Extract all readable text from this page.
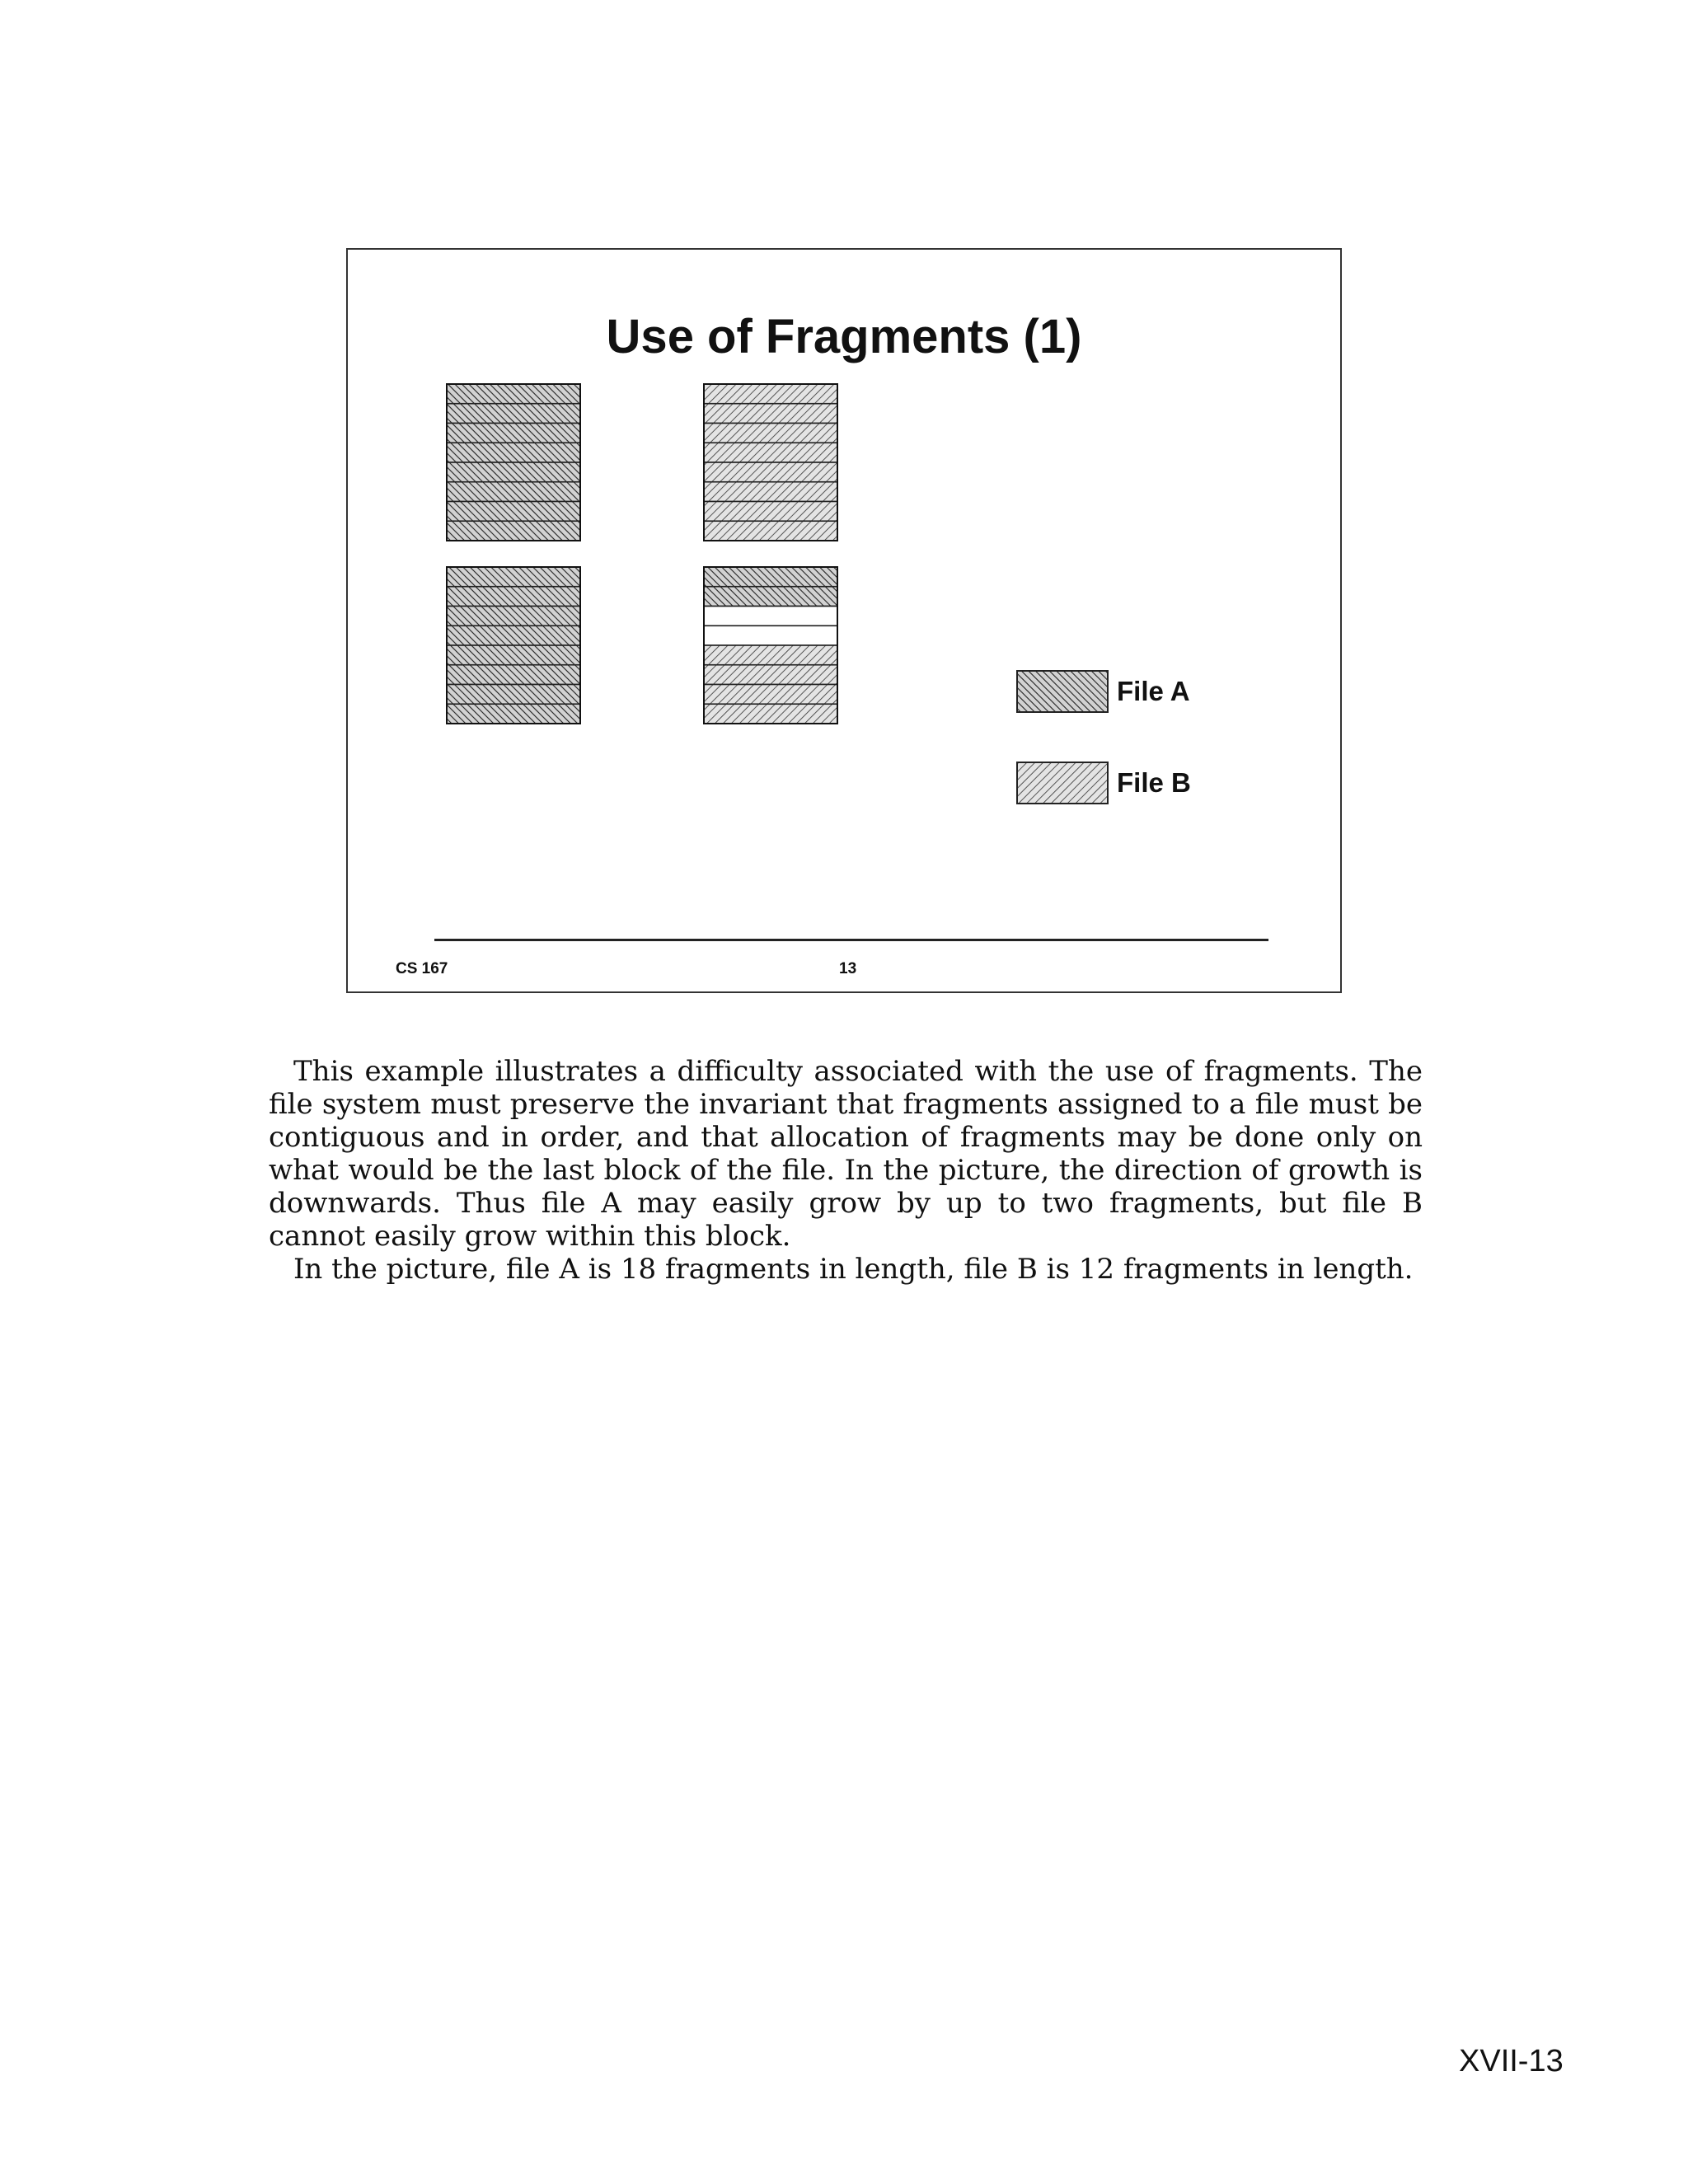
Use of Fragments (1)
File A
File B
CS 167	13

This example illustrates a difficulty associated with the use of fragments. The file system must preserve the invariant that fragments assigned to a file must be contiguous and in order, and that allocation of fragments may be done only on what would be the last block of the file. In the picture, the direction of growth is downwards. Thus file A may easily grow by up to two fragments, but file B cannot easily grow within this block.

In the picture, file A is 18 fragments in length, file B is 12 fragments in length.

XVII-13
